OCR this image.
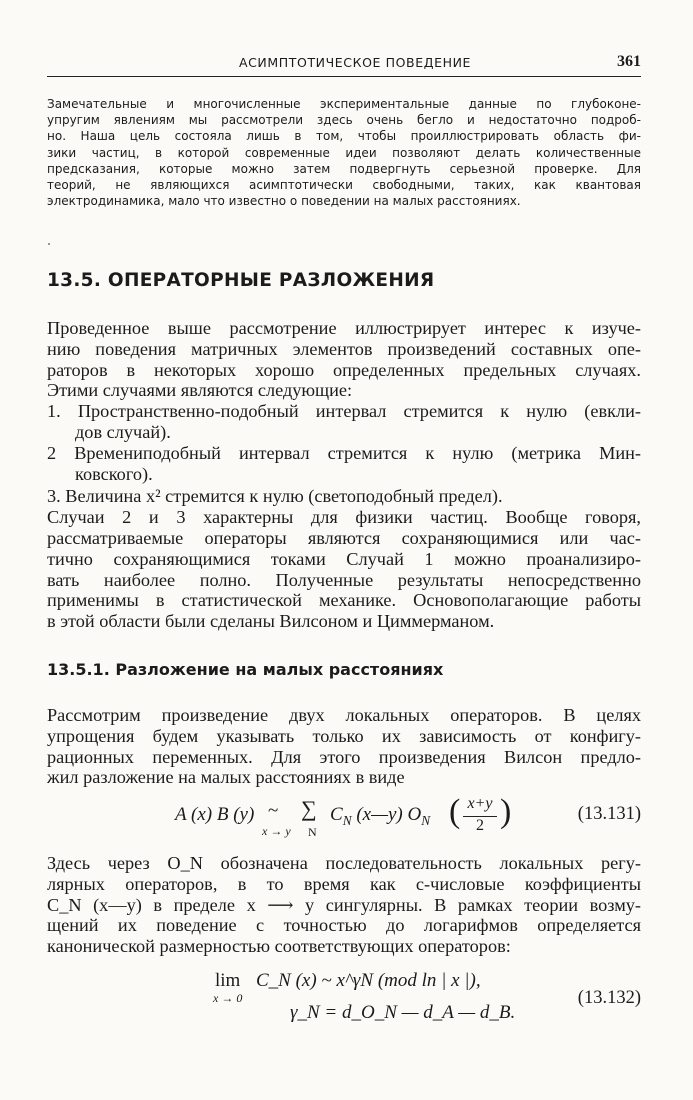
АСИМПТОТИЧЕСКОЕ ПОВЕДЕНИЕ	361
Замечательные и многочисленные экспериментальные данные по глубоконе-
упругим явлениям мы рассмотрели здесь очень бегло и недостаточно подроб-
но. Наша цель состояла лишь в том, чтобы проиллюстрировать область фи-
зики частиц, в которой современные идеи позволяют делать количественные
предсказания, которые можно затем подвергнуть серьезной проверке. Для
теорий, не являющихся асимптотически свободными, таких, как квантовая
электродинамика, мало что известно о поведении на малых расстояниях.
13.5. ОПЕРАТОРНЫЕ РАЗЛОЖЕНИЯ
Проведенное выше рассмотрение иллюстрирует интерес к изуче-
нию поведения матричных элементов произведений составных опе-
раторов в некоторых хорошо определенных предельных случаях.
Этими случаями являются следующие:
1. Пространственно-подобный интервал стремится к нулю (евкли-
дов случай).
2 Времениподобный интервал стремится к нулю (метрика Мин-
ковского).
3. Величина x² стремится к нулю (светоподобный предел).
Случаи 2 и 3 характерны для физики частиц. Вообще говоря,
рассматриваемые операторы являются сохраняющимися или час-
тично сохраняющимися токами Случай 1 можно проанализиро-
вать наиболее полно. Полученные результаты непосредственно
применимы в статистической механике. Основополагающие работы
в этой области были сделаны Вилсоном и Циммерманом.
13.5.1. Разложение на малых расстояниях
Рассмотрим произведение двух локальных операторов. В целях
упрощения будем указывать только их зависимость от конфигу-
рационных переменных. Для этого произведения Вилсон предло-
жил разложение на малых расстояниях в виде
A (x) B (y) ~
x → y
∑
N
$C_N$ (x—y) $O_N$ ( x+y
2 )	(13.131)
Здесь через O_N обозначена последовательность локальных регу-
лярных операторов, в то время как c-числовые коэффициенты
C_N (x—y) в пределе x ⟶ y сингулярны. В рамках теории возму-
щений их поведение с точностью до логарифмов определяется
канонической размерностью соответствующих операторов:
lim
x → 0
C_N (x) ~ x^γN (mod ln | x |),
γ_N = d_O_N — d_A — d_B.
(13.132)
